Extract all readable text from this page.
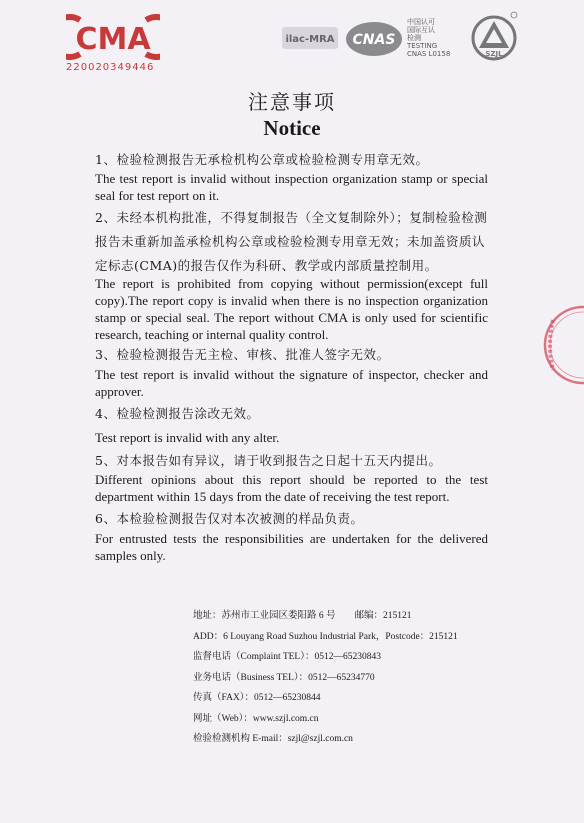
CMA
220020349446
ilac-MRA CNAS
中国认可
国际互认
检测
TESTING
CNAS L0158	SZJL
注意事项
Notice

1、检验检测报告无承检机构公章或检验检测专用章无效。

The test report is invalid without inspection organization stamp or special seal for test report on it.

2、未经本机构批准，不得复制报告（全文复制除外）；复制检验检测报告未重新加盖承检机构公章或检验检测专用章无效；未加盖资质认定标志(CMA)的报告仅作为科研、教学或内部质量控制用。

The report is prohibited from copying without permission(except full copy).The report copy is invalid when there is no inspection organization stamp or special seal. The report without CMA is only used for scientific research, teaching or internal quality control.

3、检验检测报告无主检、审核、批准人签字无效。

The test report is invalid without the signature of inspector, checker and approver.

4、检验检测报告涂改无效。

Test report is invalid with any alter.

5、对本报告如有异议，请于收到报告之日起十五天内提出。

Different opinions about this report should be reported to the test department within 15 days from the date of receiving the test report.

6、本检验检测报告仅对本次被测的样品负责。

For entrusted tests the responsibilities are undertaken for the delivered samples only.

地址：苏州市工业园区娄阳路 6 号　　邮编：215121
ADD：6 Louyang Road Suzhou Industrial Park，Postcode：215121
监督电话（Complaint TEL）：0512—65230843
业务电话（Business TEL）：0512—65234770
传真（FAX）：0512—65230844
网址（Web）：www.szjl.com.cn
检验检测机构 E-mail：szjl@szjl.com.cn
